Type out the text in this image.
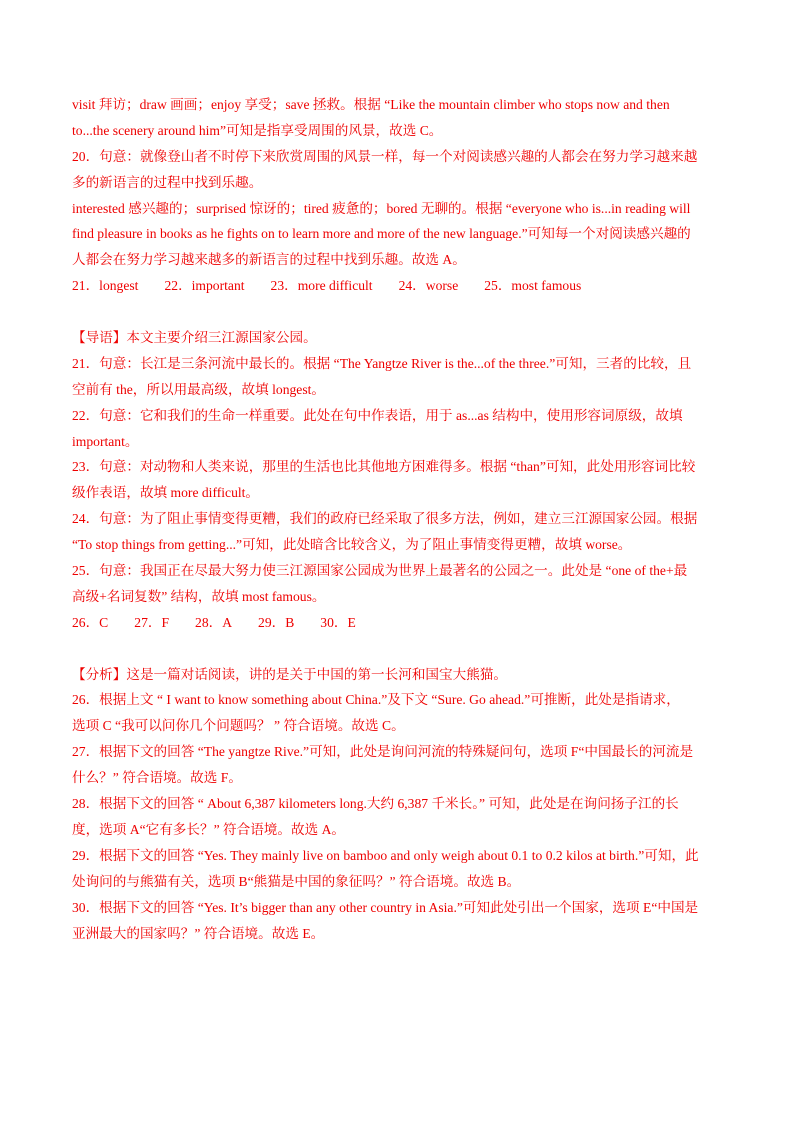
visit 拜访；draw 画画；enjoy 享受；save 拯救。根据 “Like the mountain climber who stops now and then
to...the scenery around him”可知是指享受周围的风景，故选 C。
20．句意：就像登山者不时停下来欣赏周围的风景一样，每一个对阅读感兴趣的人都会在努力学习越来越
多的新语言的过程中找到乐趣。
interested 感兴趣的；surprised 惊讶的；tired 疲惫的；bored 无聊的。根据 “everyone who is...in reading will
find pleasure in books as he fights on to learn more and more of the new language.”可知每一个对阅读感兴趣的
人都会在努力学习越来越多的新语言的过程中找到乐趣。故选 A。
21．longest 22．important 23．more difficult 24．worse 25．most famous
【导语】本文主要介绍三江源国家公园。
21．句意：长江是三条河流中最长的。根据 “The Yangtze River is the...of the three.”可知，三者的比较，且
空前有 the，所以用最高级，故填 longest。
22．句意：它和我们的生命一样重要。此处在句中作表语，用于 as...as 结构中，使用形容词原级，故填
important。
23．句意：对动物和人类来说，那里的生活也比其他地方困难得多。根据 “than”可知，此处用形容词比较
级作表语，故填 more difficult。
24．句意：为了阻止事情变得更糟，我们的政府已经采取了很多方法，例如，建立三江源国家公园。根据
“To stop things from getting...”可知，此处暗含比较含义，为了阻止事情变得更糟，故填 worse。
25．句意：我国正在尽最大努力使三江源国家公园成为世界上最著名的公园之一。此处是 “one of the+最
高级+名词复数” 结构，故填 most famous。
26．C 27．F 28．A 29．B 30．E
【分析】这是一篇对话阅读，讲的是关于中国的第一长河和国宝大熊猫。
26．根据上文 “ I want to know something about China.”及下文 “Sure. Go ahead.”可推断，此处是指请求，
选项 C “我可以问你几个问题吗？ ” 符合语境。故选 C。
27．根据下文的回答 “The yangtze Rive.”可知，此处是询问河流的特殊疑问句，选项 F“中国最长的河流是
什么？” 符合语境。故选 F。
28．根据下文的回答 “ About 6,387 kilometers long.大约 6,387 千米长。” 可知，此处是在询问扬子江的长
度，选项 A“它有多长？” 符合语境。故选 A。
29．根据下文的回答 “Yes. They mainly live on bamboo and only weigh about 0.1 to 0.2 kilos at birth.”可知，此
处询问的与熊猫有关，选项 B“熊猫是中国的象征吗？” 符合语境。故选 B。
30．根据下文的回答 “Yes. It’s bigger than any other country in Asia.”可知此处引出一个国家，选项 E“中国是
亚洲最大的国家吗？” 符合语境。故选 E。
